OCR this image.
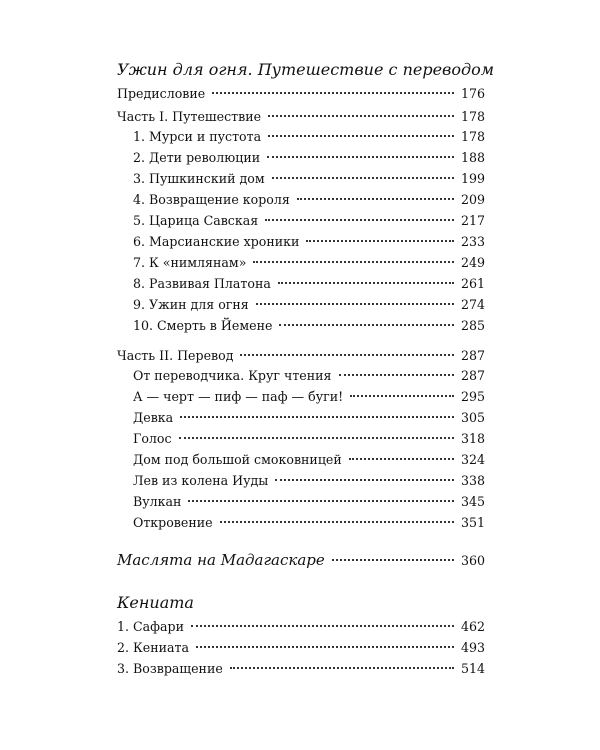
Ужин для огня. Путешествие с переводом
Предисловие	176
Часть I. Путешествие	178
1. Мурси и пустота	178
2. Дети революции	188
3. Пушкинский дом	199
4. Возвращение короля	209
5. Царица Савская	217
6. Марсианские хроники	233
7. К «нимлянам»	249
8. Развивая Платона	261
9. Ужин для огня	274
10. Смерть в Йемене	285
Часть II. Перевод	287
От переводчика. Круг чтения	287
А — черт — пиф — паф — буги!	295
Девка	305
Голос	318
Дом под большой смоковницей	324
Лев из колена Иуды	338
Вулкан	345
Откровение	351
Маслята на Мадагаскаре	360
Кениата
1. Сафари	462
2. Кениата	493
3. Возвращение	514
